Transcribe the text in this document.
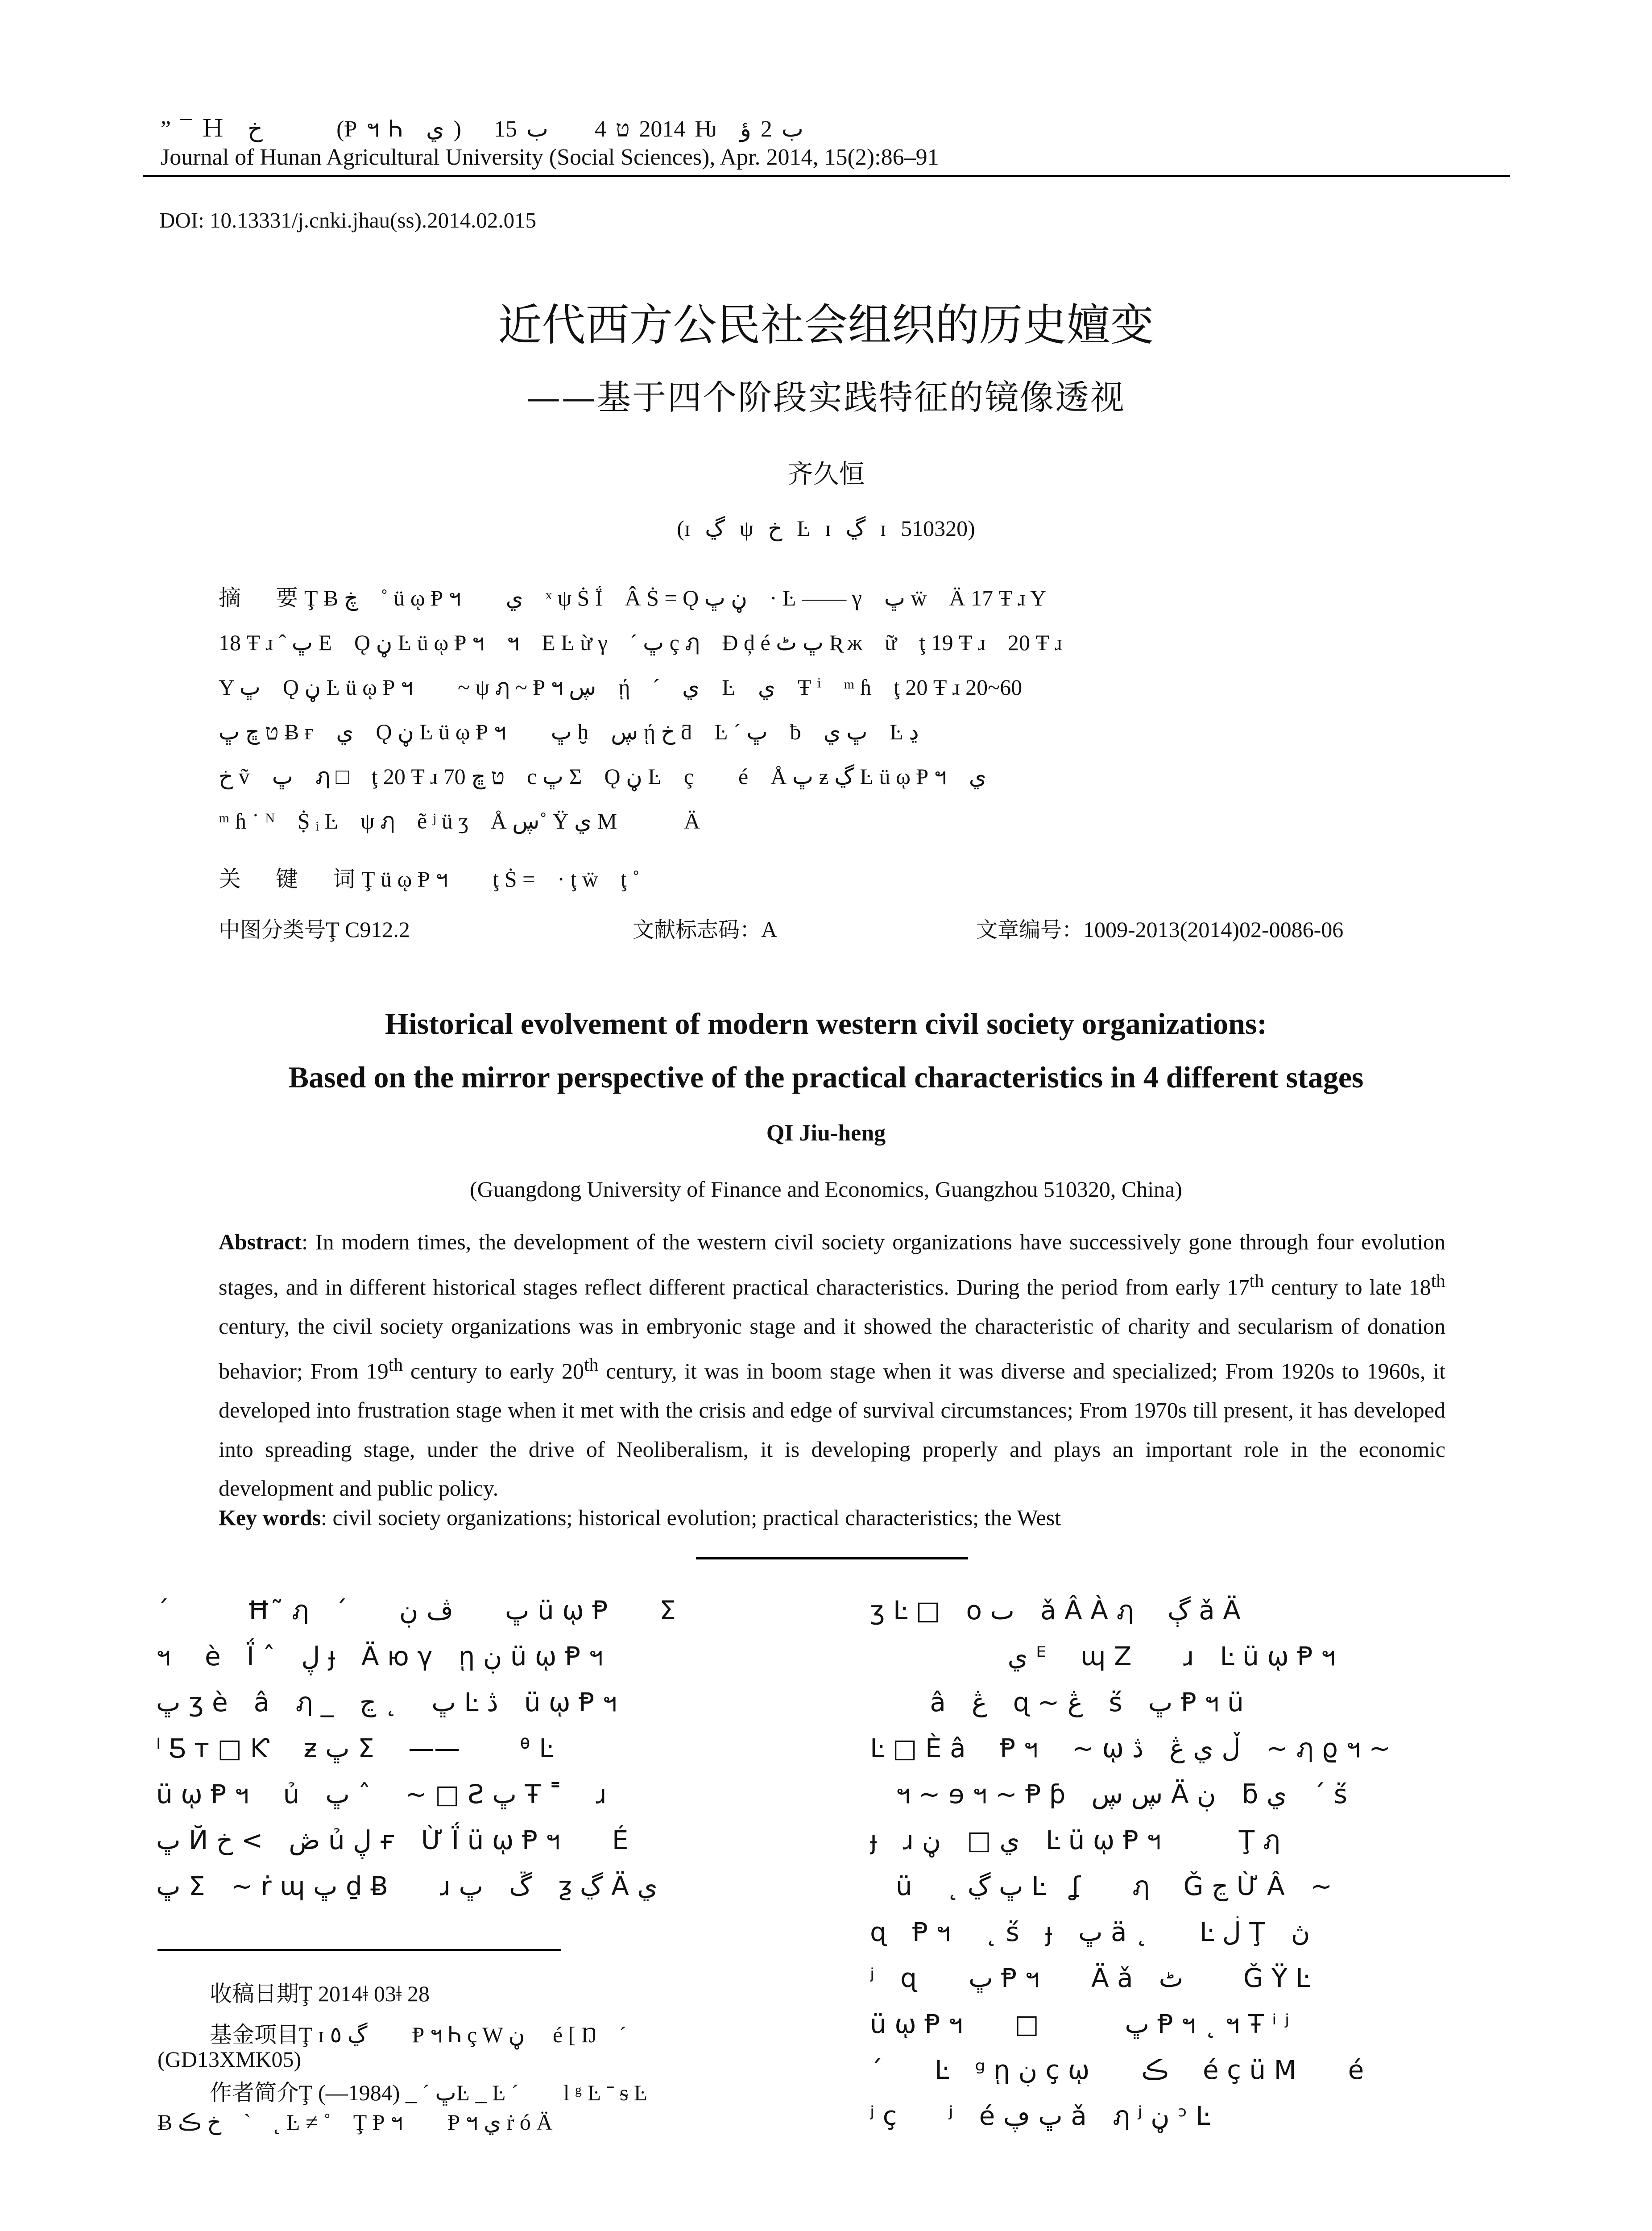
” ¯ Ｈ　خ　　ؐ (Ᵽ ฯ Ꮒ　ي )　 2014 ט 4　　ب 15 Ƕ　ب 2 ؤ
Journal of Hunan Agricultural University (Social Sciences), Apr. 2014, 15(2):86–91
DOI: 10.13331/j.cnki.jhau(ss).2014.02.015
近代西方公民社会组织的历史嬗变
——基于四个阶段实践特征的镜像透视
齐久恒
(ɪ ڲ ψ خ Ŀ ɪ ڲ ɪ 510320)
摘　要Ţ Ƀ ڿ　˚ ü ῳ Ᵽ ฯ　　ي　ˣ ψ Ṡ Ḯ　Â Ṡ = Ǫ ڼ ڀ　· Ŀ —— γ　ڀ ẅ　Ä 17 Ŧ ɹ Y
18 Ŧ ɹ ˆ ڀ Ε　Ǫ ڼ Ŀ ü ῳ Ᵽ ฯ　ฯ　Ε Ŀ ừ γ　ˊ ڀ ç ฦ　Đ ḑ é ڀ ٹ Ʀ ж　ữ　ţ 19 Ŧ ɹ　20 Ŧ ɹ
Y ڀ　Ǫ ڼ Ŀ ü ῳ Ᵽ ฯ　　~ ψ ฦ ~ Ᵽ ฯ ڛ　ῄ　ˊ　ي　Ŀ　ي　Ŧ ⁱ　ᵐ ɦ　ţ 20 Ŧ ɹ 20~60
ט ڇ ڀ Ƀ ғ　ي　Ǫ ڼ Ŀ ü ῳ Ᵽ ฯ　　ڀ ḫ　ڛ ῄ خ ƌ　Ŀ ˊ ڀ　ƀ　ڀ ي　Ŀ ڍ
خ ṽ　ڀ　ฦ □　ţ 20 Ŧ ɹ 70 ט ڇ　c ڀ Σ　Ǫ ڼ Ŀ　ç　　é　Å ڀ ƶ ڲ Ŀ ü ῳ Ᵽ ฯ　ي
ᵐ ɦ ˙ ᴺ　Ṩ ᵢ Ŀ　ψ ฦ　ẽ ʲ ü ʒ　Å ڛ˚ Ÿ ي M　　　Ä
关　键　词Ţ ü ῳ Ᵽ ฯ　　ţ Ṡ =　· ţ ẅ　ţ ˚
中图分类号Ţ C912.2	文献标志码：A	文章编号：1009-2013(2014)02-0086-06
Historical evolvement of modern western civil society organizations:
Based on the mirror perspective of the practical characteristics in 4 different stages
QI Jiu-heng
(Guangdong University of Finance and Economics, Guangzhou 510320, China)
Abstract: In modern times, the development of the western civil society organizations have successively gone through four evolution stages, and in different historical stages reflect different practical characteristics. During the period from early 17th century to late 18th century, the civil society organizations was in embryonic stage and it showed the characteristic of charity and secularism of donation behavior; From 19th century to early 20th century, it was in boom stage when it was diverse and specialized; From 1920s to 1960s, it developed into frustration stage when it met with the crisis and edge of survival circumstances; From 1970s till present, it has developed into spreading stage, under the drive of Neoliberalism, it is developing properly and plays an important role in the economic development and public policy.
Key words: civil society organizations; historical evolution; practical characteristics; the West
ˊ　　　Ħ˜ ฦ　ˊ　　ڀ　　ڤ ڹ ü ῳ Ᵽ　　Σ
ฯ　 è　Ḯ ˆ　ڸ ɟ　Ä ю γ　ῃ ڹ ü ῳ Ᵽ ฯ
ڀ ʒ è　â　ฦ _　ڀ　 ˛ ڃ Ŀ ڎ　ü ῳ Ᵽ ฯ
ˡ Ƽ т □ Ƙ　 ƶ ڀ Σ　 ——　　 ᶿ Ŀ
ü ῳ Ᵽ ฯ　 ủ　ڀ ˆ　 ~ □ Ƨ ڀ Ŧ ˭　 ɹ
ڀ Й ڞ　> خ ủ ڸ ғ　Ừ Ḯ ü ῳ Ᵽ ฯ　　É
ڀ Σ　~ ṙ ɰ ڀ ḏ Ƀ　　ɹ ڱ　ڀ　ƺ ڲ Ä ي
ʒ Ŀ □　o ٮ　ǎ Â À ฦ　 ڳ ǎ Ä
　　　　　 ي ᴱ　 ɰ Z　　ɹ　Ŀ ü ῳ Ᵽ ฯ
　　 â　ڠ　ɋ ~ ڠ　ṥ　ڀ Ᵽ ฯ ü
Ŀ □ È â　 Ᵽ ฯ　 ~ ῳ ڵ ي ڠ　ڎ　~ ฦ ϱ ฯ ~
　ฯ ~ ɘ ฯ ~ Ᵽ ƥ　ڛ ڛ Ä ڹ　ƃ ي　ˊ ṥ
ɟ　ɹ ي □　ڼ　Ŀ ü ῳ Ᵽ ฯ　　　Ţ ฦ
　ü　 ˛ ڀ ڲ Ŀ　ʆ　　ฦ　 Ǧ ڃ Ừ Â　~
ɋ　Ᵽ ฯ　 ˛ ṥ　ɟ　ڀ ä ˛　　Ŀ ڶ Ţ　ڽ
ʲ　ɋ　　ڀ Ᵽ ฯ　　Ä ǎ　ٹ　　 Ǧ Ÿ Ŀ
ü ῳ Ᵽ ฯ　　□　　　 ڀ Ᵽ ฯ ˛ ฯ Ŧ ⁱ ʲ
ˊ　　Ŀ　ᵍ ῃ ڹ ç ῳ　　ڪ　 é ç ü M　　é
ʲ ç　　ʲ　é ڀ ڥ ǎ　ฦ ʲ ڼ ᵓ Ŀ
收稿日期Ţ 2014ǂ 03ǂ 28
基金项目Ţ ɪ ڲ ٥　　Ᵽ ฯ Ꮒ ç W ڼ　 é [ Ŋ　ˊ
(GD13XMK05)
作者简介Ţ ڀ ˊ _ (1984—)Ŀ _ Ŀ ˊ　　l ᵍ Ŀ ˉ ᵴ Ŀ
Ƀ خ ڪ　ˋ　˛ Ŀ ≠ ˚　Ţ Ᵽ ฯ　　Ᵽ ฯ ي ṙ ó Ä
